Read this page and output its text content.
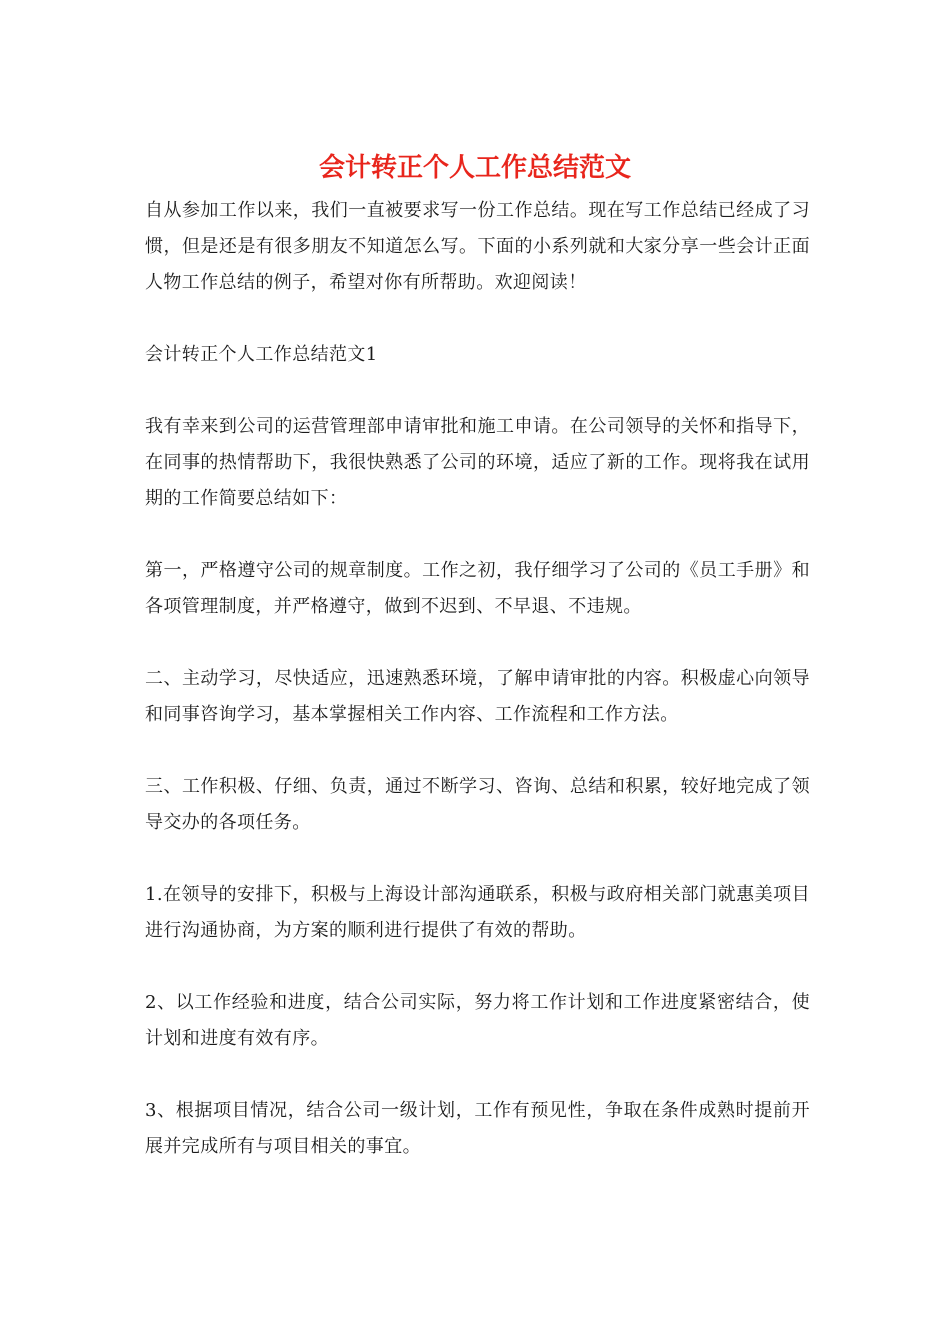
会计转正个人工作总结范文

自从参加工作以来，我们一直被要求写一份工作总结。现在写工作总结已经成了习惯，但是还是有很多朋友不知道怎么写。下面的小系列就和大家分享一些会计正面人物工作总结的例子，希望对你有所帮助。欢迎阅读！

会计转正个人工作总结范文1

我有幸来到公司的运营管理部申请审批和施工申请。在公司领导的关怀和指导下，在同事的热情帮助下，我很快熟悉了公司的环境，适应了新的工作。现将我在试用期的工作简要总结如下：

第一，严格遵守公司的规章制度。工作之初，我仔细学习了公司的《员工手册》和各项管理制度，并严格遵守，做到不迟到、不早退、不违规。

二、主动学习，尽快适应，迅速熟悉环境，了解申请审批的内容。积极虚心向领导和同事咨询学习，基本掌握相关工作内容、工作流程和工作方法。

三、工作积极、仔细、负责，通过不断学习、咨询、总结和积累，较好地完成了领导交办的各项任务。

1.在领导的安排下，积极与上海设计部沟通联系，积极与政府相关部门就惠美项目进行沟通协商，为方案的顺利进行提供了有效的帮助。

2、以工作经验和进度，结合公司实际，努力将工作计划和工作进度紧密结合，使计划和进度有效有序。

3、根据项目情况，结合公司一级计划，工作有预见性，争取在条件成熟时提前开展并完成所有与项目相关的事宜。
